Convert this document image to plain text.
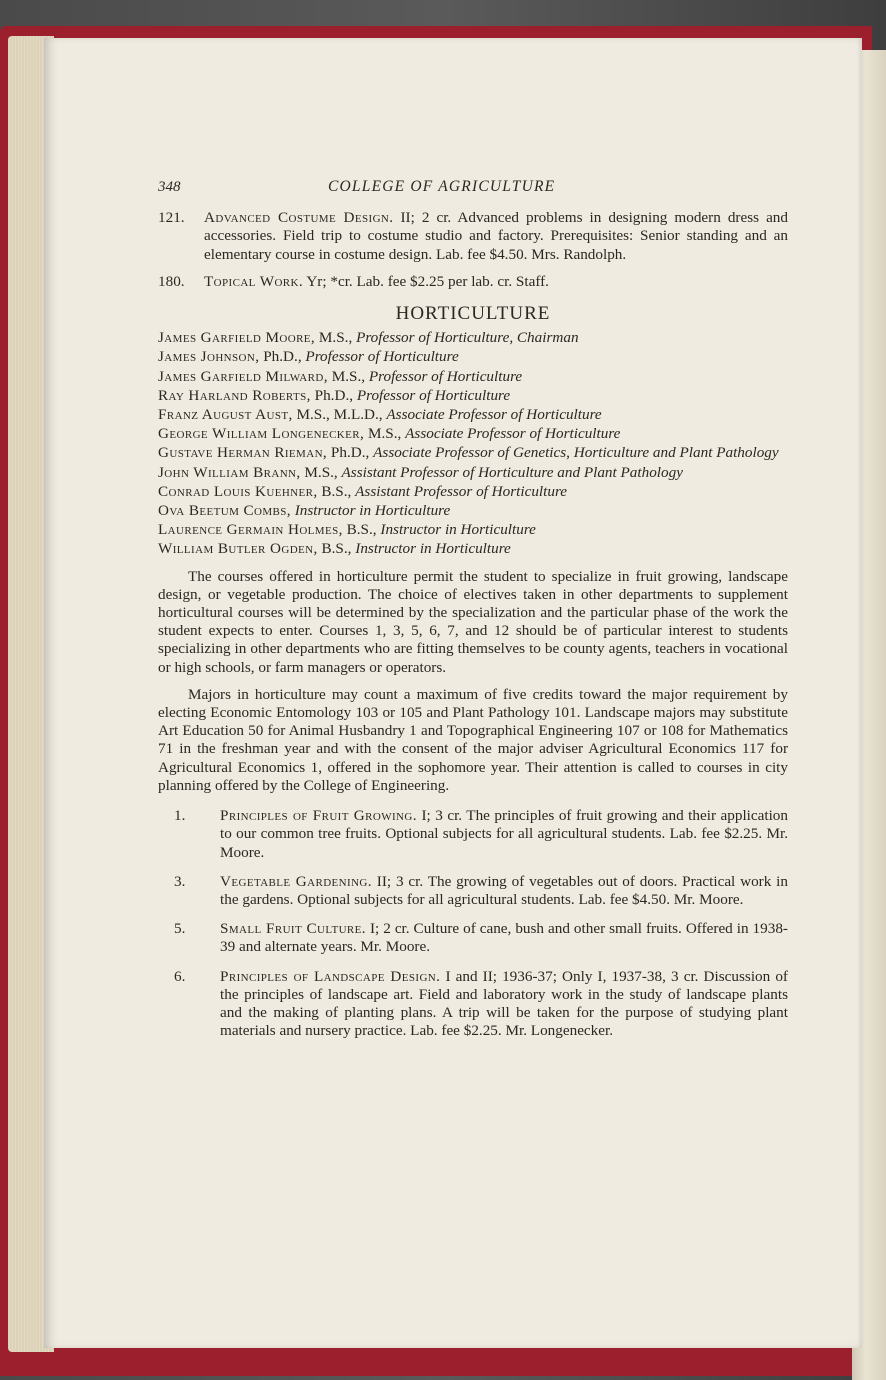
348	COLLEGE OF AGRICULTURE
121.	Advanced Costume Design. II; 2 cr. Advanced problems in designing modern dress and accessories. Field trip to costume studio and factory. Prerequisites: Senior standing and an elementary course in costume design. Lab. fee $4.50. Mrs. Randolph.
180.	Topical Work. Yr; *cr. Lab. fee $2.25 per lab. cr. Staff.
HORTICULTURE
James Garfield Moore, M.S., Professor of Horticulture, Chairman
James Johnson, Ph.D., Professor of Horticulture
James Garfield Milward, M.S., Professor of Horticulture
Ray Harland Roberts, Ph.D., Professor of Horticulture
Franz August Aust, M.S., M.L.D., Associate Professor of Horticulture
George William Longenecker, M.S., Associate Professor of Horticulture
Gustave Herman Rieman, Ph.D., Associate Professor of Genetics, Horticulture and Plant Pathology
John William Brann, M.S., Assistant Professor of Horticulture and Plant Pathology
Conrad Louis Kuehner, B.S., Assistant Professor of Horticulture
Ova Beetum Combs, Instructor in Horticulture
Laurence Germain Holmes, B.S., Instructor in Horticulture
William Butler Ogden, B.S., Instructor in Horticulture

The courses offered in horticulture permit the student to specialize in fruit growing, landscape design, or vegetable production. The choice of electives taken in other departments to supplement horticultural courses will be determined by the specialization and the particular phase of the work the student expects to enter. Courses 1, 3, 5, 6, 7, and 12 should be of particular interest to students specializing in other departments who are fitting themselves to be county agents, teachers in vocational or high schools, or farm managers or operators.

Majors in horticulture may count a maximum of five credits toward the major requirement by electing Economic Entomology 103 or 105 and Plant Pathology 101. Landscape majors may substitute Art Education 50 for Animal Husbandry 1 and Topographical Engineering 107 or 108 for Mathematics 71 in the freshman year and with the consent of the major adviser Agricultural Economics 117 for Agricultural Economics 1, offered in the sophomore year. Their attention is called to courses in city planning offered by the College of Engineering.

1.	Principles of Fruit Growing. I; 3 cr. The principles of fruit growing and their application to our common tree fruits. Optional subjects for all agricultural students. Lab. fee $2.25. Mr. Moore.
3.	Vegetable Gardening. II; 3 cr. The growing of vegetables out of doors. Practical work in the gardens. Optional subjects for all agricultural students. Lab. fee $4.50. Mr. Moore.
5.	Small Fruit Culture. I; 2 cr. Culture of cane, bush and other small fruits. Offered in 1938-39 and alternate years. Mr. Moore.
6.	Principles of Landscape Design. I and II; 1936-37; Only I, 1937-38, 3 cr. Discussion of the principles of landscape art. Field and laboratory work in the study of landscape plants and the making of planting plans. A trip will be taken for the purpose of studying plant materials and nursery practice. Lab. fee $2.25. Mr. Longenecker.
